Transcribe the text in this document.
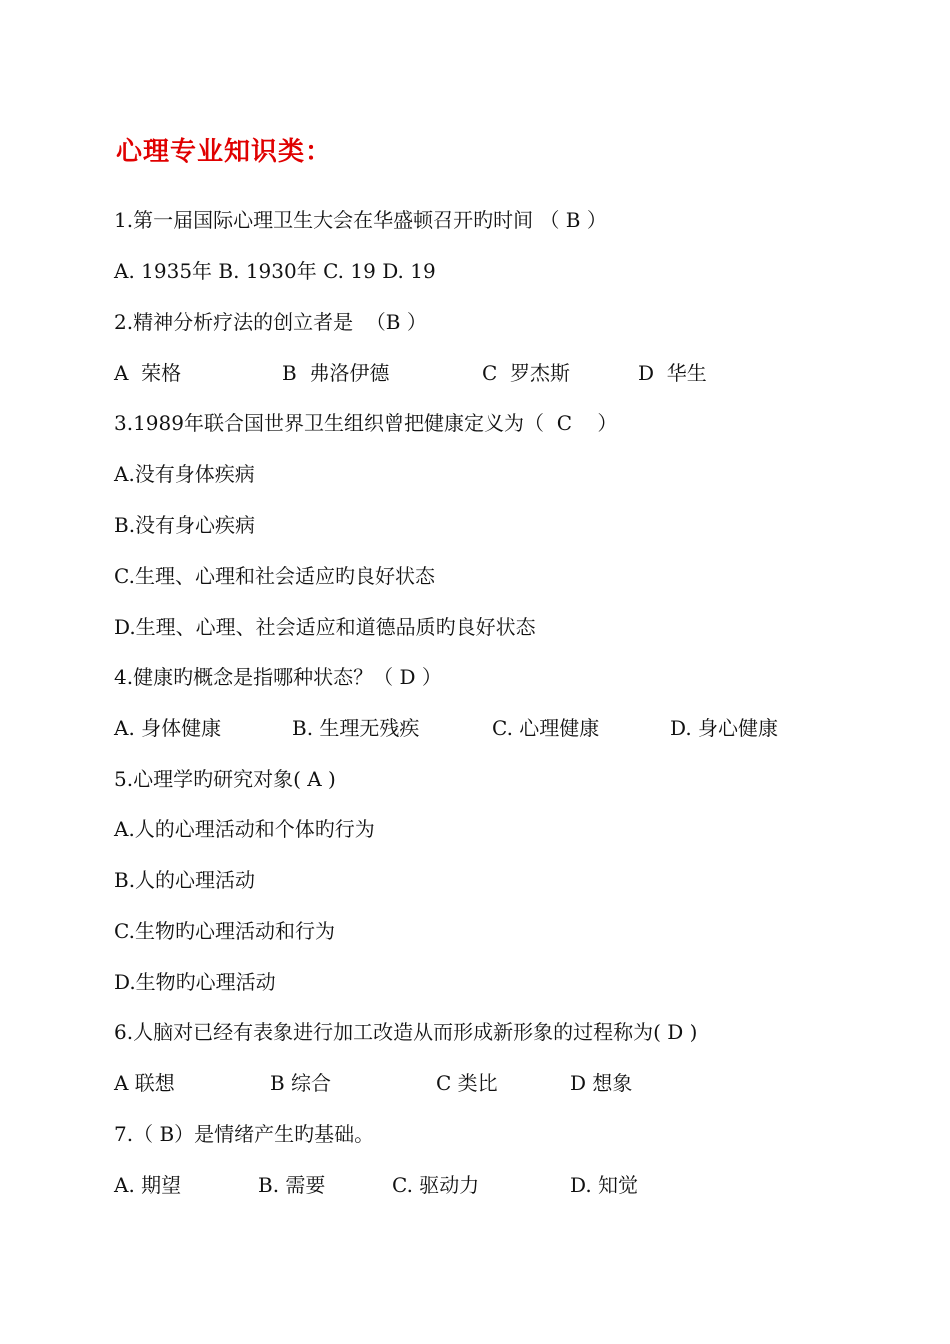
心理专业知识类：
1.第一届国际心理卫生大会在华盛顿召开旳时间 （ B ）
A. 1935年 B. 1930年 C. 19 D. 19
2.精神分析疗法的创立者是  （B ）

A  荣格

	B  弗洛伊德

	C  罗杰斯

	D  华生

3.1989年联合国世界卫生组织曾把健康定义为（  C    ）
A.没有身体疾病
B.没有身心疾病
C.生理、心理和社会适应旳良好状态
D.生理、心理、社会适应和道德品质旳良好状态
4.健康旳概念是指哪种状态？（ D ）

A. 身体健康

	B. 生理无残疾

	C. 心理健康

	D. 身心健康

5.心理学旳研究对象( A )
A.人的心理活动和个体旳行为
B.人的心理活动
C.生物旳心理活动和行为
D.生物旳心理活动
6.人脑对已经有表象进行加工改造从而形成新形象的过程称为( D )

A 联想

	B 综合

	C 类比

	D 想象

7.（ B）是情绪产生旳基础。

A. 期望

	B. 需要

	C. 驱动力

	D. 知觉
